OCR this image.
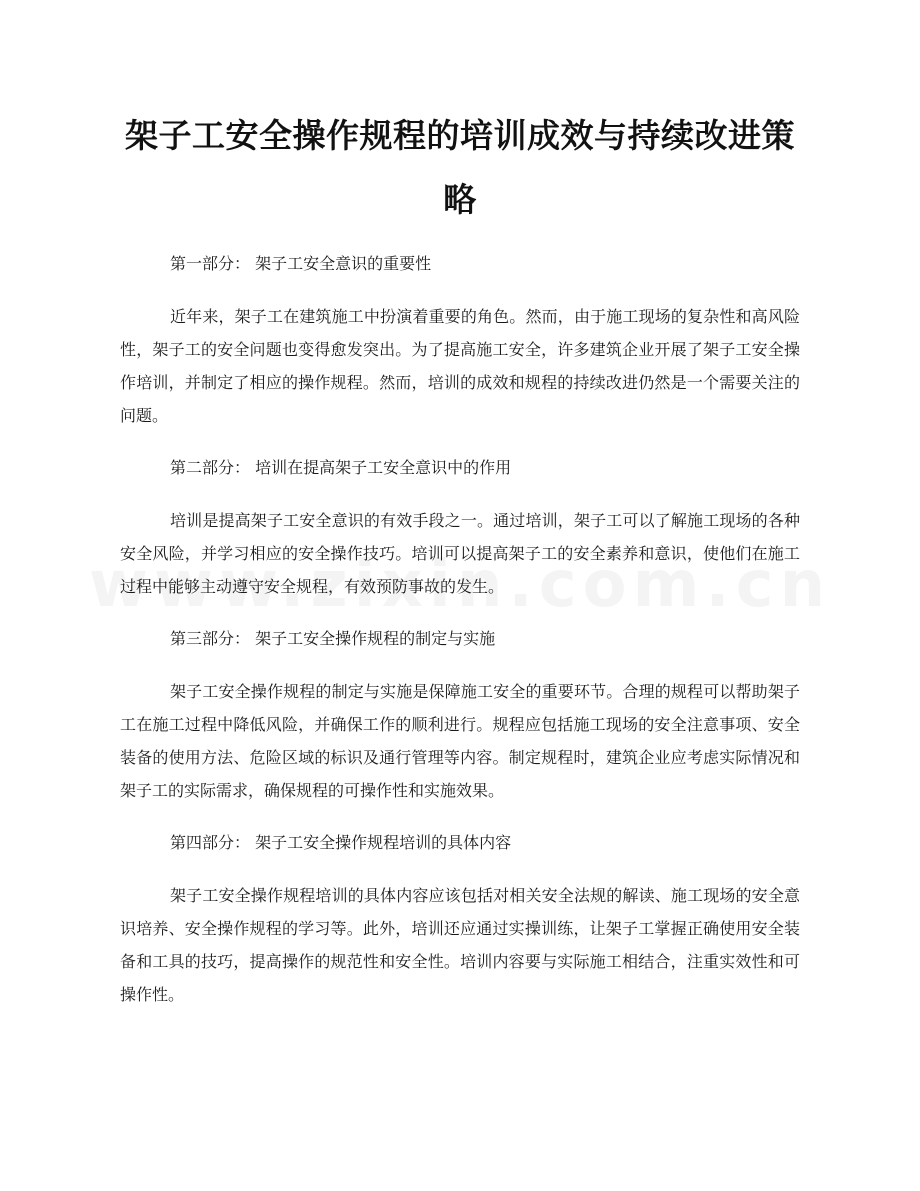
架子工安全操作规程的培训成效与持续改进策略

第一部分： 架子工安全意识的重要性

近年来，架子工在建筑施工中扮演着重要的角色。然而，由于施工现场的复杂性和高风险性，架子工的安全问题也变得愈发突出。为了提高施工安全，许多建筑企业开展了架子工安全操作培训，并制定了相应的操作规程。然而，培训的成效和规程的持续改进仍然是一个需要关注的问题。

第二部分： 培训在提高架子工安全意识中的作用

培训是提高架子工安全意识的有效手段之一。通过培训，架子工可以了解施工现场的各种安全风险，并学习相应的安全操作技巧。培训可以提高架子工的安全素养和意识，使他们在施工过程中能够主动遵守安全规程，有效预防事故的发生。

第三部分： 架子工安全操作规程的制定与实施

架子工安全操作规程的制定与实施是保障施工安全的重要环节。合理的规程可以帮助架子工在施工过程中降低风险，并确保工作的顺利进行。规程应包括施工现场的安全注意事项、安全装备的使用方法、危险区域的标识及通行管理等内容。制定规程时，建筑企业应考虑实际情况和架子工的实际需求，确保规程的可操作性和实施效果。

第四部分： 架子工安全操作规程培训的具体内容

架子工安全操作规程培训的具体内容应该包括对相关安全法规的解读、施工现场的安全意识培养、安全操作规程的学习等。此外，培训还应通过实操训练，让架子工掌握正确使用安全装备和工具的技巧，提高操作的规范性和安全性。培训内容要与实际施工相结合，注重实效性和可操作性。
